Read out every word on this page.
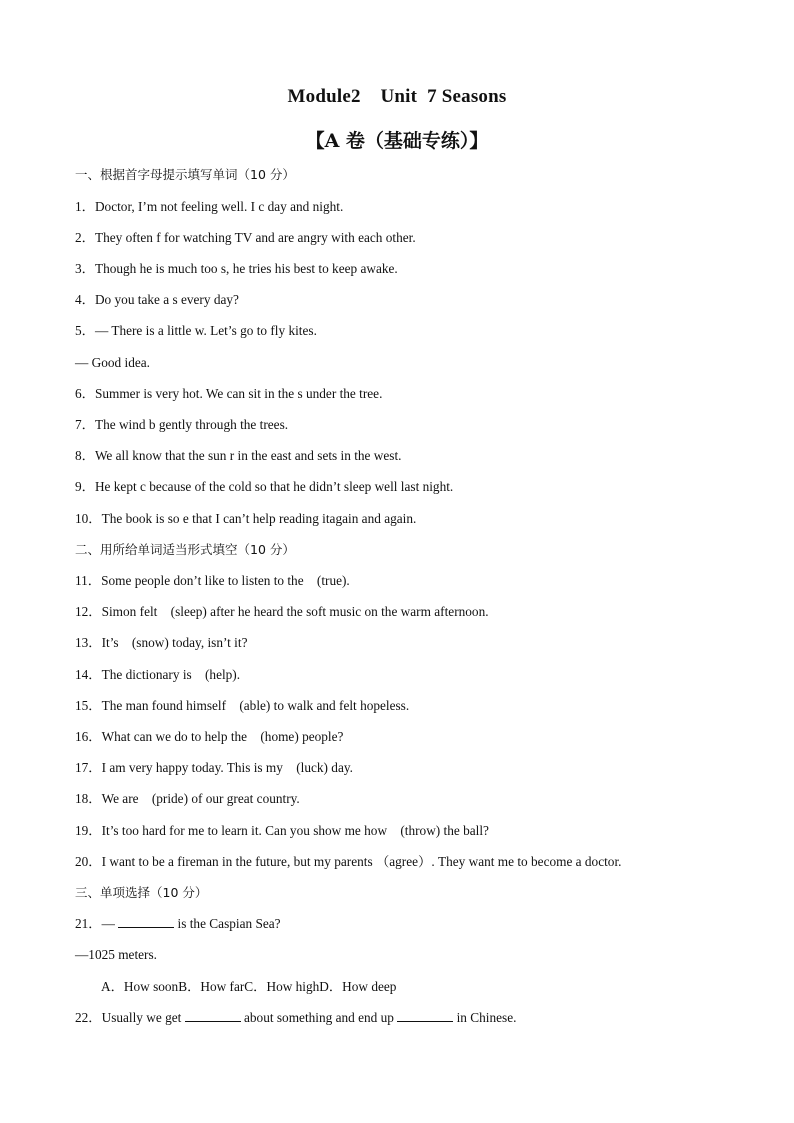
Module2    Unit  7 Seasons
【A 卷（基础专练）】
一、根据首字母提示填写单词（10 分）
1．Doctor, I’m not feeling well. I c day and night.
2．They often f for watching TV and are angry with each other.
3．Though he is much too s, he tries his best to keep awake.
4．Do you take a s every day?
5．— There is a little w. Let’s go to fly kites.
— Good idea.
6．Summer is very hot. We can sit in the s under the tree.
7．The wind b gently through the trees.
8．We all know that the sun r in the east and sets in the west.
9．He kept c because of the cold so that he didn’t sleep well last night.
10．The book is so e that I can’t help reading itagain and again.
二、用所给单词适当形式填空（10 分）
11．Some people don’t like to listen to the    (true).
12．Simon felt    (sleep) after he heard the soft music on the warm afternoon.
13．It’s    (snow) today, isn’t it?
14．The dictionary is    (help).
15．The man found himself    (able) to walk and felt hopeless.
16．What can we do to help the    (home) people?
17．I am very happy today. This is my    (luck) day.
18．We are    (pride) of our great country.
19．It’s too hard for me to learn it. Can you show me how    (throw) the ball?
20．I want to be a fireman in the future, but my parents （agree）. They want me to become a doctor.
三、单项选择（10 分）
21．—	is the Caspian Sea?
—1025 meters.
A．How soonB．How farC．How highD．How deep
22．Usually we get	about something and end up	in Chinese.
